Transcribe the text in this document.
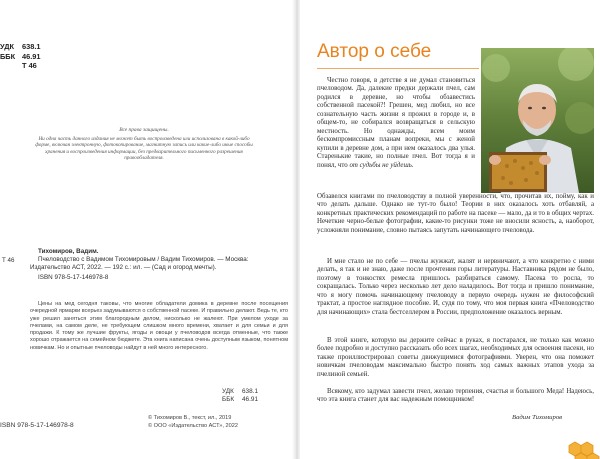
УДК	638.1
ББК 46.91
Т 46
Все права защищены.
Ни одна часть данного издания не может быть воспроизведена или использована в какой-либо форме, включая электронную, фотокопирование, магнитную запись или какие-либо иные способы хранения и воспроизведения информации, без предварительного письменного разрешения правообладателя.
Т 46
Тихомиров, Вадим.
Пчеловодство с Вадимом Тихомировым / Вадим Тихомиров. — Москва: Издательство АСТ, 2022. — 192 с.: ил. — (Сад и огород мечты).
ISBN 978-5-17-146978-8
Цены на мед сегодня таковы, что многие обладатели домика в деревне после посещения очередной ярмарки всерьез задумываются о собственной пасеке. И правильно делают. Ведь те, кто уже решил заняться этим благородным делом, нисколько не жалеют. При умелом уходе за пчелами, на самом деле, не требующем слишком много времени, хватает и для семьи и для продажи. К тому же лучшие фрукты, ягоды и овощи у пчеловодов всегда отменные, что также хорошо отражается на семейном бюджете. Эта книга написана очень доступным языком, понятном новичкам. Но и опытные пчеловоды найдут в ней много интересного.
УДК	638.1
ББК	46.91
ISBN 978-5-17-146978-8
© Тихомиров В., текст, ил., 2019
© ООО «Издательство АСТ», 2022
Автор о себе
Честно говоря, в детстве я не думал становиться пчеловодом. Да, далекие предки держали пчел, сам родился в деревне, но чтобы обзавестись собственной пасекой?! Грешен, мед любил, но все сознательную часть жизни я прожил в городе и, в общем-то, не собирался возвращаться в сельскую местность. Но однажды, всем моим бескомпромиссным планам вопреки, мы с женой купили в деревне дом, а при нем оказалось два улья. Старенькие такие, но полные пчел. Вот тогда я и понял, что от судьбы не уйдешь.
Обзавелся книгами по пчеловодству в полной уверенности, что, прочитав их, пойму, как и что делать дальше. Однако не тут-то было! Теории в них оказалось хоть отбавляй, а конкретных практических рекомендаций по работе на пасеке — мало, да и то в общих чертах. Нечеткие черно-белые фотографии, какие-то рисунки тоже не вносили ясность, а, наоборот, усложняли понимание, словно пытаясь запутать начинающего пчеловода.
И мне стало не по себе — пчелы жужжат, жалят и нервничают, а что конкретно с ними делать, я так и не знаю, даже после прочтения горы литературы. Наставника рядом не было, поэтому в тонкостях ремесла пришлось разбираться самому. Пасека то росла, то сокращалась. Только через несколько лет дело наладилось. Вот тогда и пришло понимание, что я могу помочь начинающему пчеловоду в первую очередь нужен не философский трактат, а простое наглядное пособие. И, судя по тому, что моя первая книга «Пчеловодство для начинающих» стала бестселлером в России, предположение оказалось верным.
В этой книге, которую вы держите сейчас в руках, я постарался, не только как можно более подробно и доступно рассказать обо всех шагах, необходимых для освоения пасеки, но также проиллюстрировал советы движущимися фотографиями. Уверен, что она поможет новичкам пчеловодам максимально быстро понять ход самых важных этапов ухода за пчелиной семьей.
Всякому, кто задумал завести пчел, желаю терпения, счастья и большого Меда! Надеюсь, что эта книга станет для вас надежным помощником!
Вадим Тихомиров
